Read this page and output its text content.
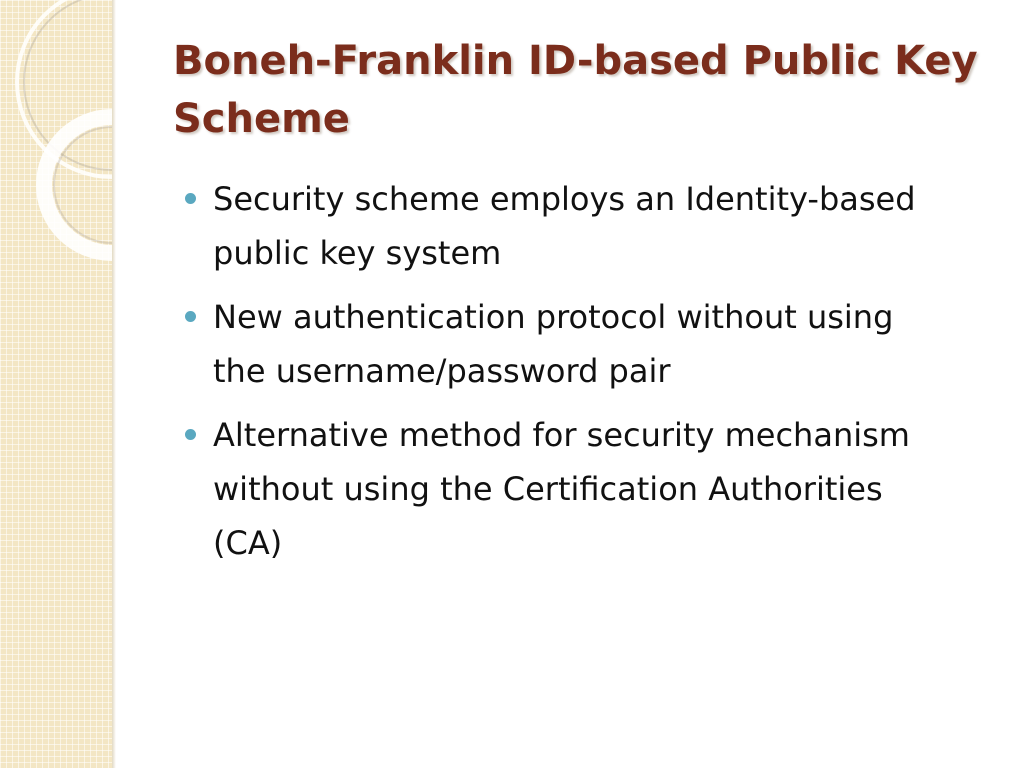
Boneh-Franklin ID-based Public Key Scheme
Security scheme employs an Identity-based public key system
New authentication protocol without using the username/password pair
Alternative method for security mechanism without using the Certification Authorities (CA)
